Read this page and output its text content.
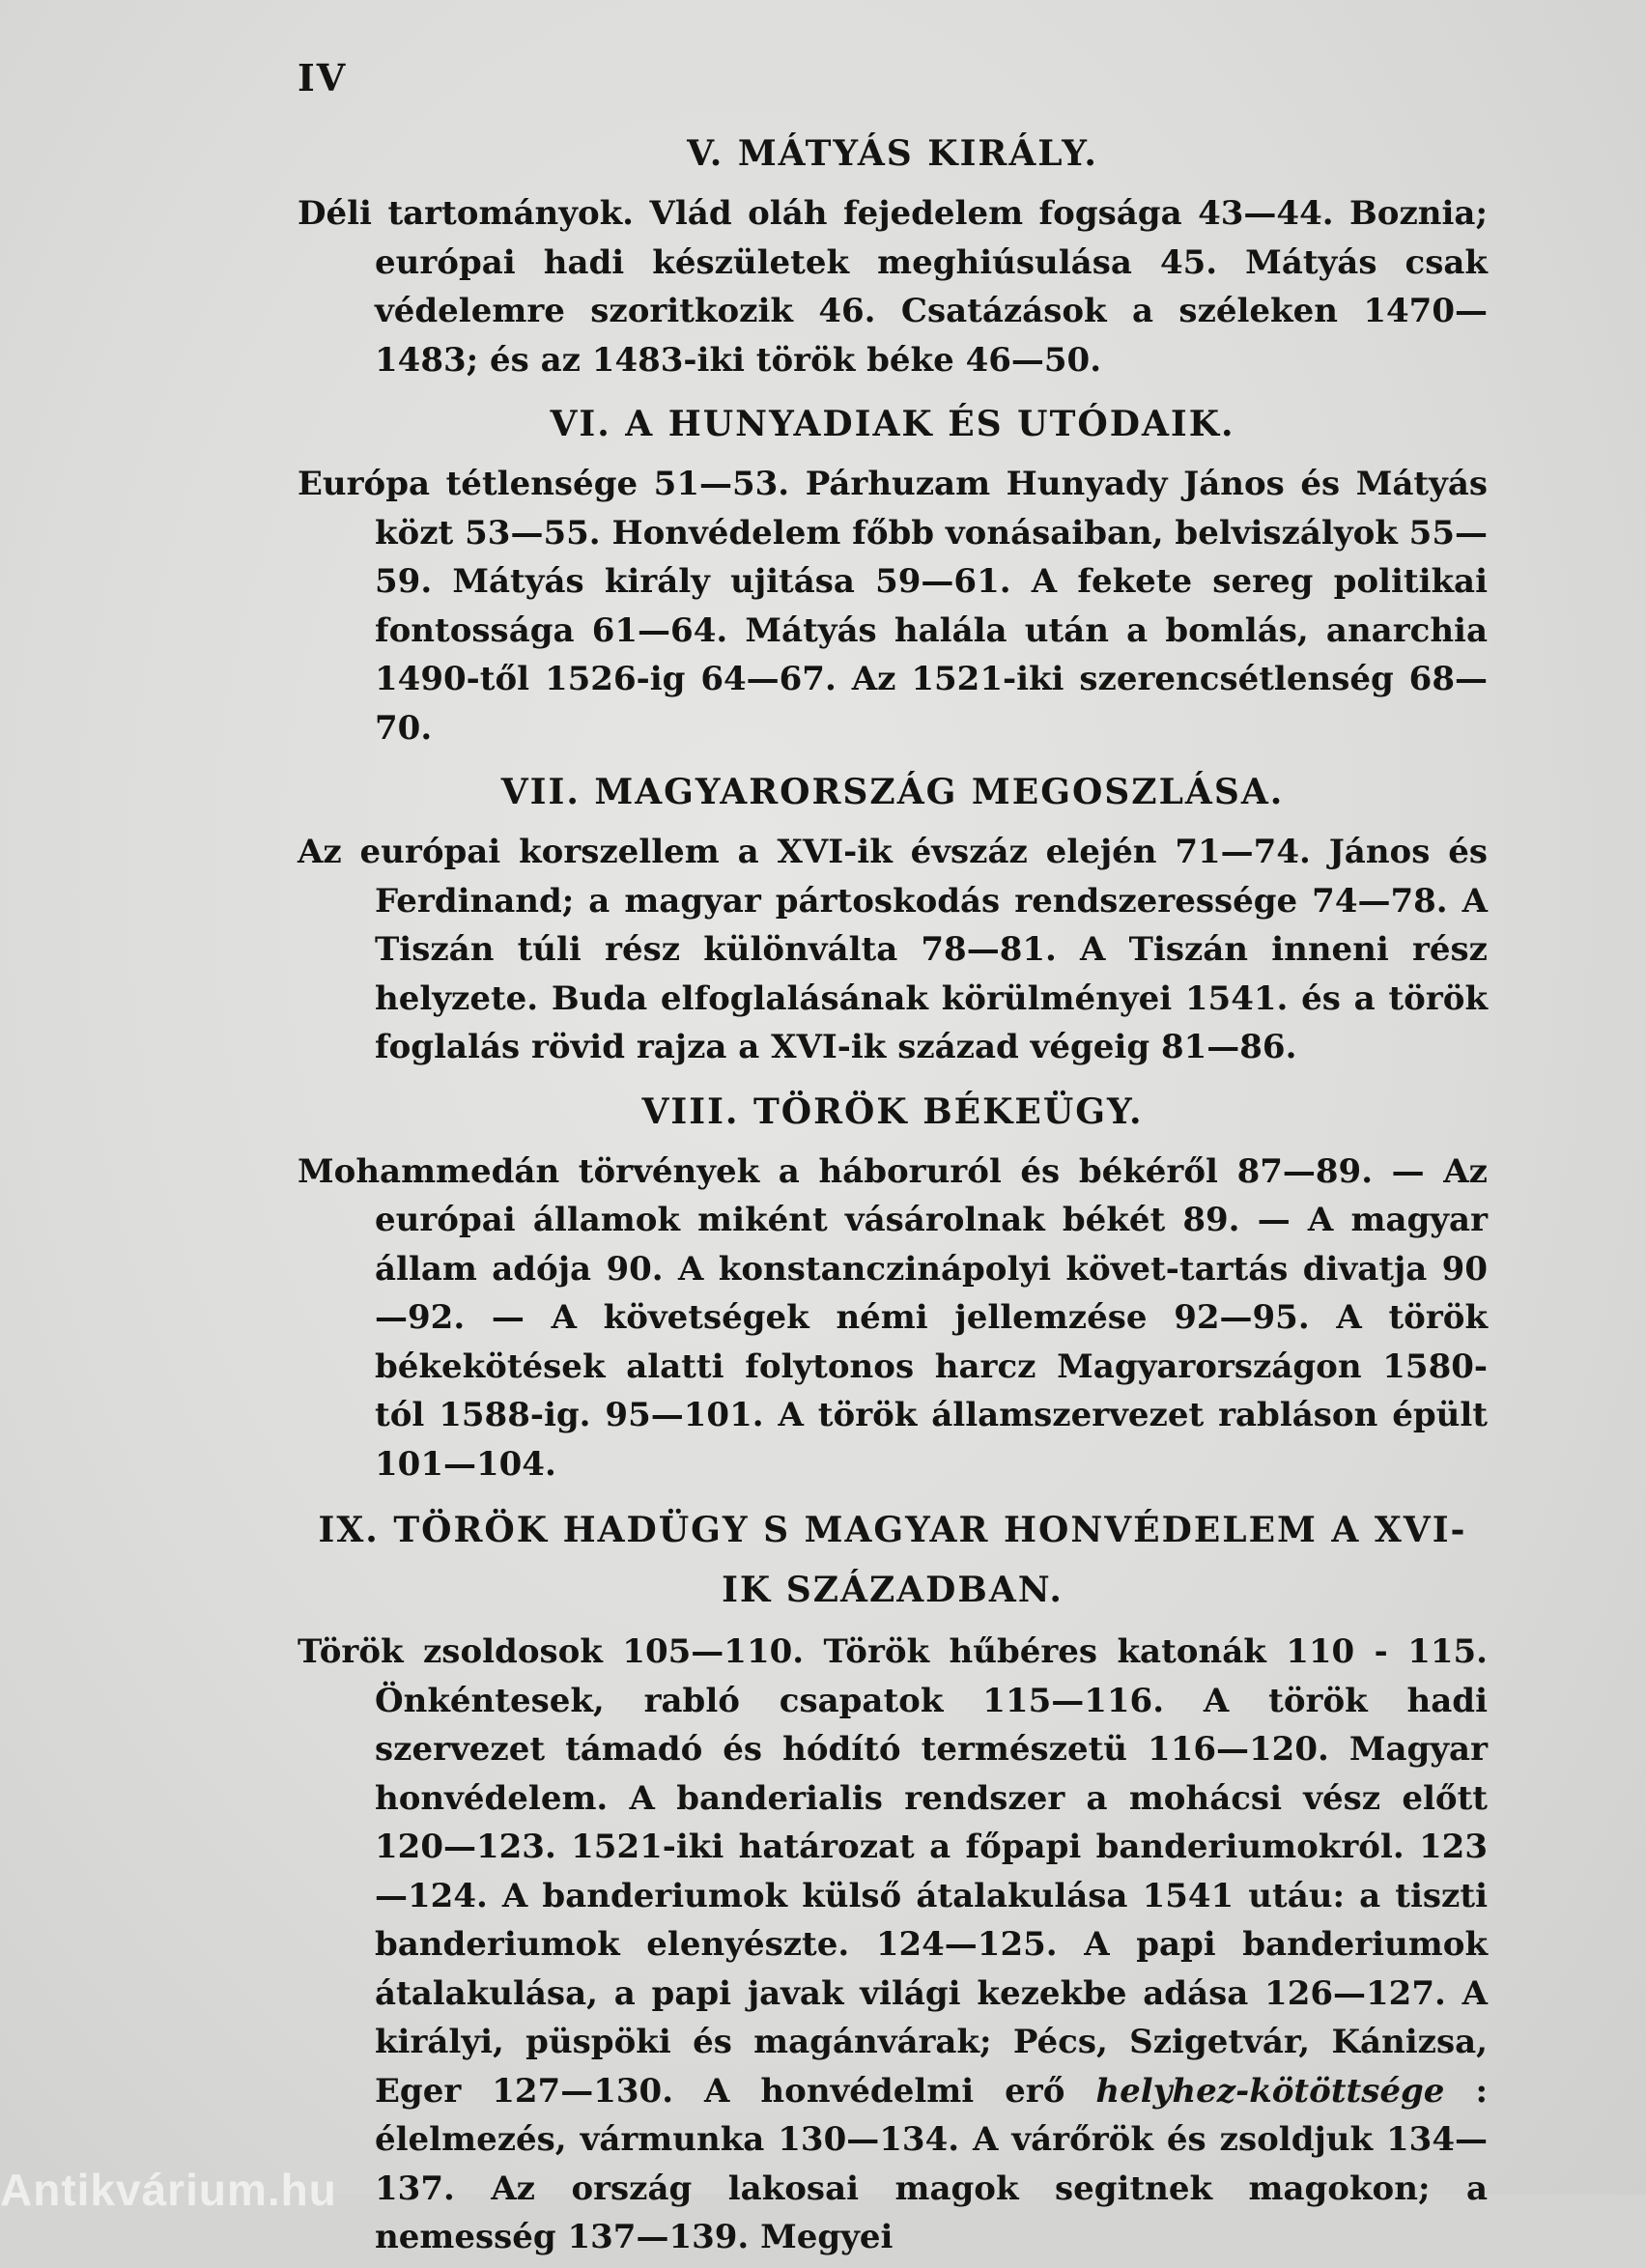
IV
V. MÁTYÁS KIRÁLY.
Déli tartományok. Vlád oláh fejedelem fogsága 43—44. Boznia; európai hadi készületek meghiúsulása 45. Mátyás csak védelemre szoritkozik 46. Csatázások a széleken 1470—1483; és az 1483-iki török béke 46—50.
VI. A HUNYADIAK ÉS UTÓDAIK.
Európa tétlensége 51—53. Párhuzam Hunyady János és Mátyás közt 53—55. Honvédelem főbb vonásaiban, belviszályok 55—59. Mátyás király ujitása 59—61. A fekete sereg politikai fontossága 61—64. Mátyás halála után a bomlás, anarchia 1490-től 1526-ig 64—67. Az 1521-iki szerencsétlenség 68—70.
VII. MAGYARORSZÁG MEGOSZLÁSA.
Az európai korszellem a XVI-ik évszáz elején 71—74. János és Ferdinand; a magyar pártoskodás rendszeressége 74—78. A Tiszán túli rész különválta 78—81. A Tiszán inneni rész helyzete. Buda elfoglalásának körülményei 1541. és a török foglalás rövid rajza a XVI-ik század végeig 81—86.
VIII. TÖRÖK BÉKEÜGY.
Mohammedán törvények a háboruról és békéről 87—89. — Az európai államok miként vásárolnak békét 89. — A magyar állam adója 90. A konstanczinápolyi követ-tartás divatja 90—92. — A követségek némi jellemzése 92—95. A török békekötések alatti folytonos harcz Magyarországon 1580-tól 1588-ig. 95—101. A török államszervezet rabláson épült 101—104.
IX. TÖRÖK HADÜGY S MAGYAR HONVÉDELEM A XVI-IK SZÁZADBAN.
Török zsoldosok 105—110. Török hűbéres katonák 110 - 115. Önkéntesek, rabló csapatok 115—116. A török hadi szervezet támadó és hódító természetü 116—120. Magyar honvédelem. A banderialis rendszer a mohácsi vész előtt 120—123. 1521-iki határozat a főpapi banderiumokról. 123—124. A banderiumok külső átalakulása 1541 utáu: a tiszti banderiumok elenyészte. 124—125. A papi banderiumok átalakulása, a papi javak világi kezekbe adása 126—127. A királyi, püspöki és magánvárak; Pécs, Szigetvár, Kánizsa, Eger 127—130. A honvédelmi erő helyhez-kötöttsége : élelmezés, vármunka 130—134. A várőrök és zsoldjuk 134—137. Az ország lakosai magok segitnek magokon; a nemesség 137—139. Megyei
Antikvárium.hu
